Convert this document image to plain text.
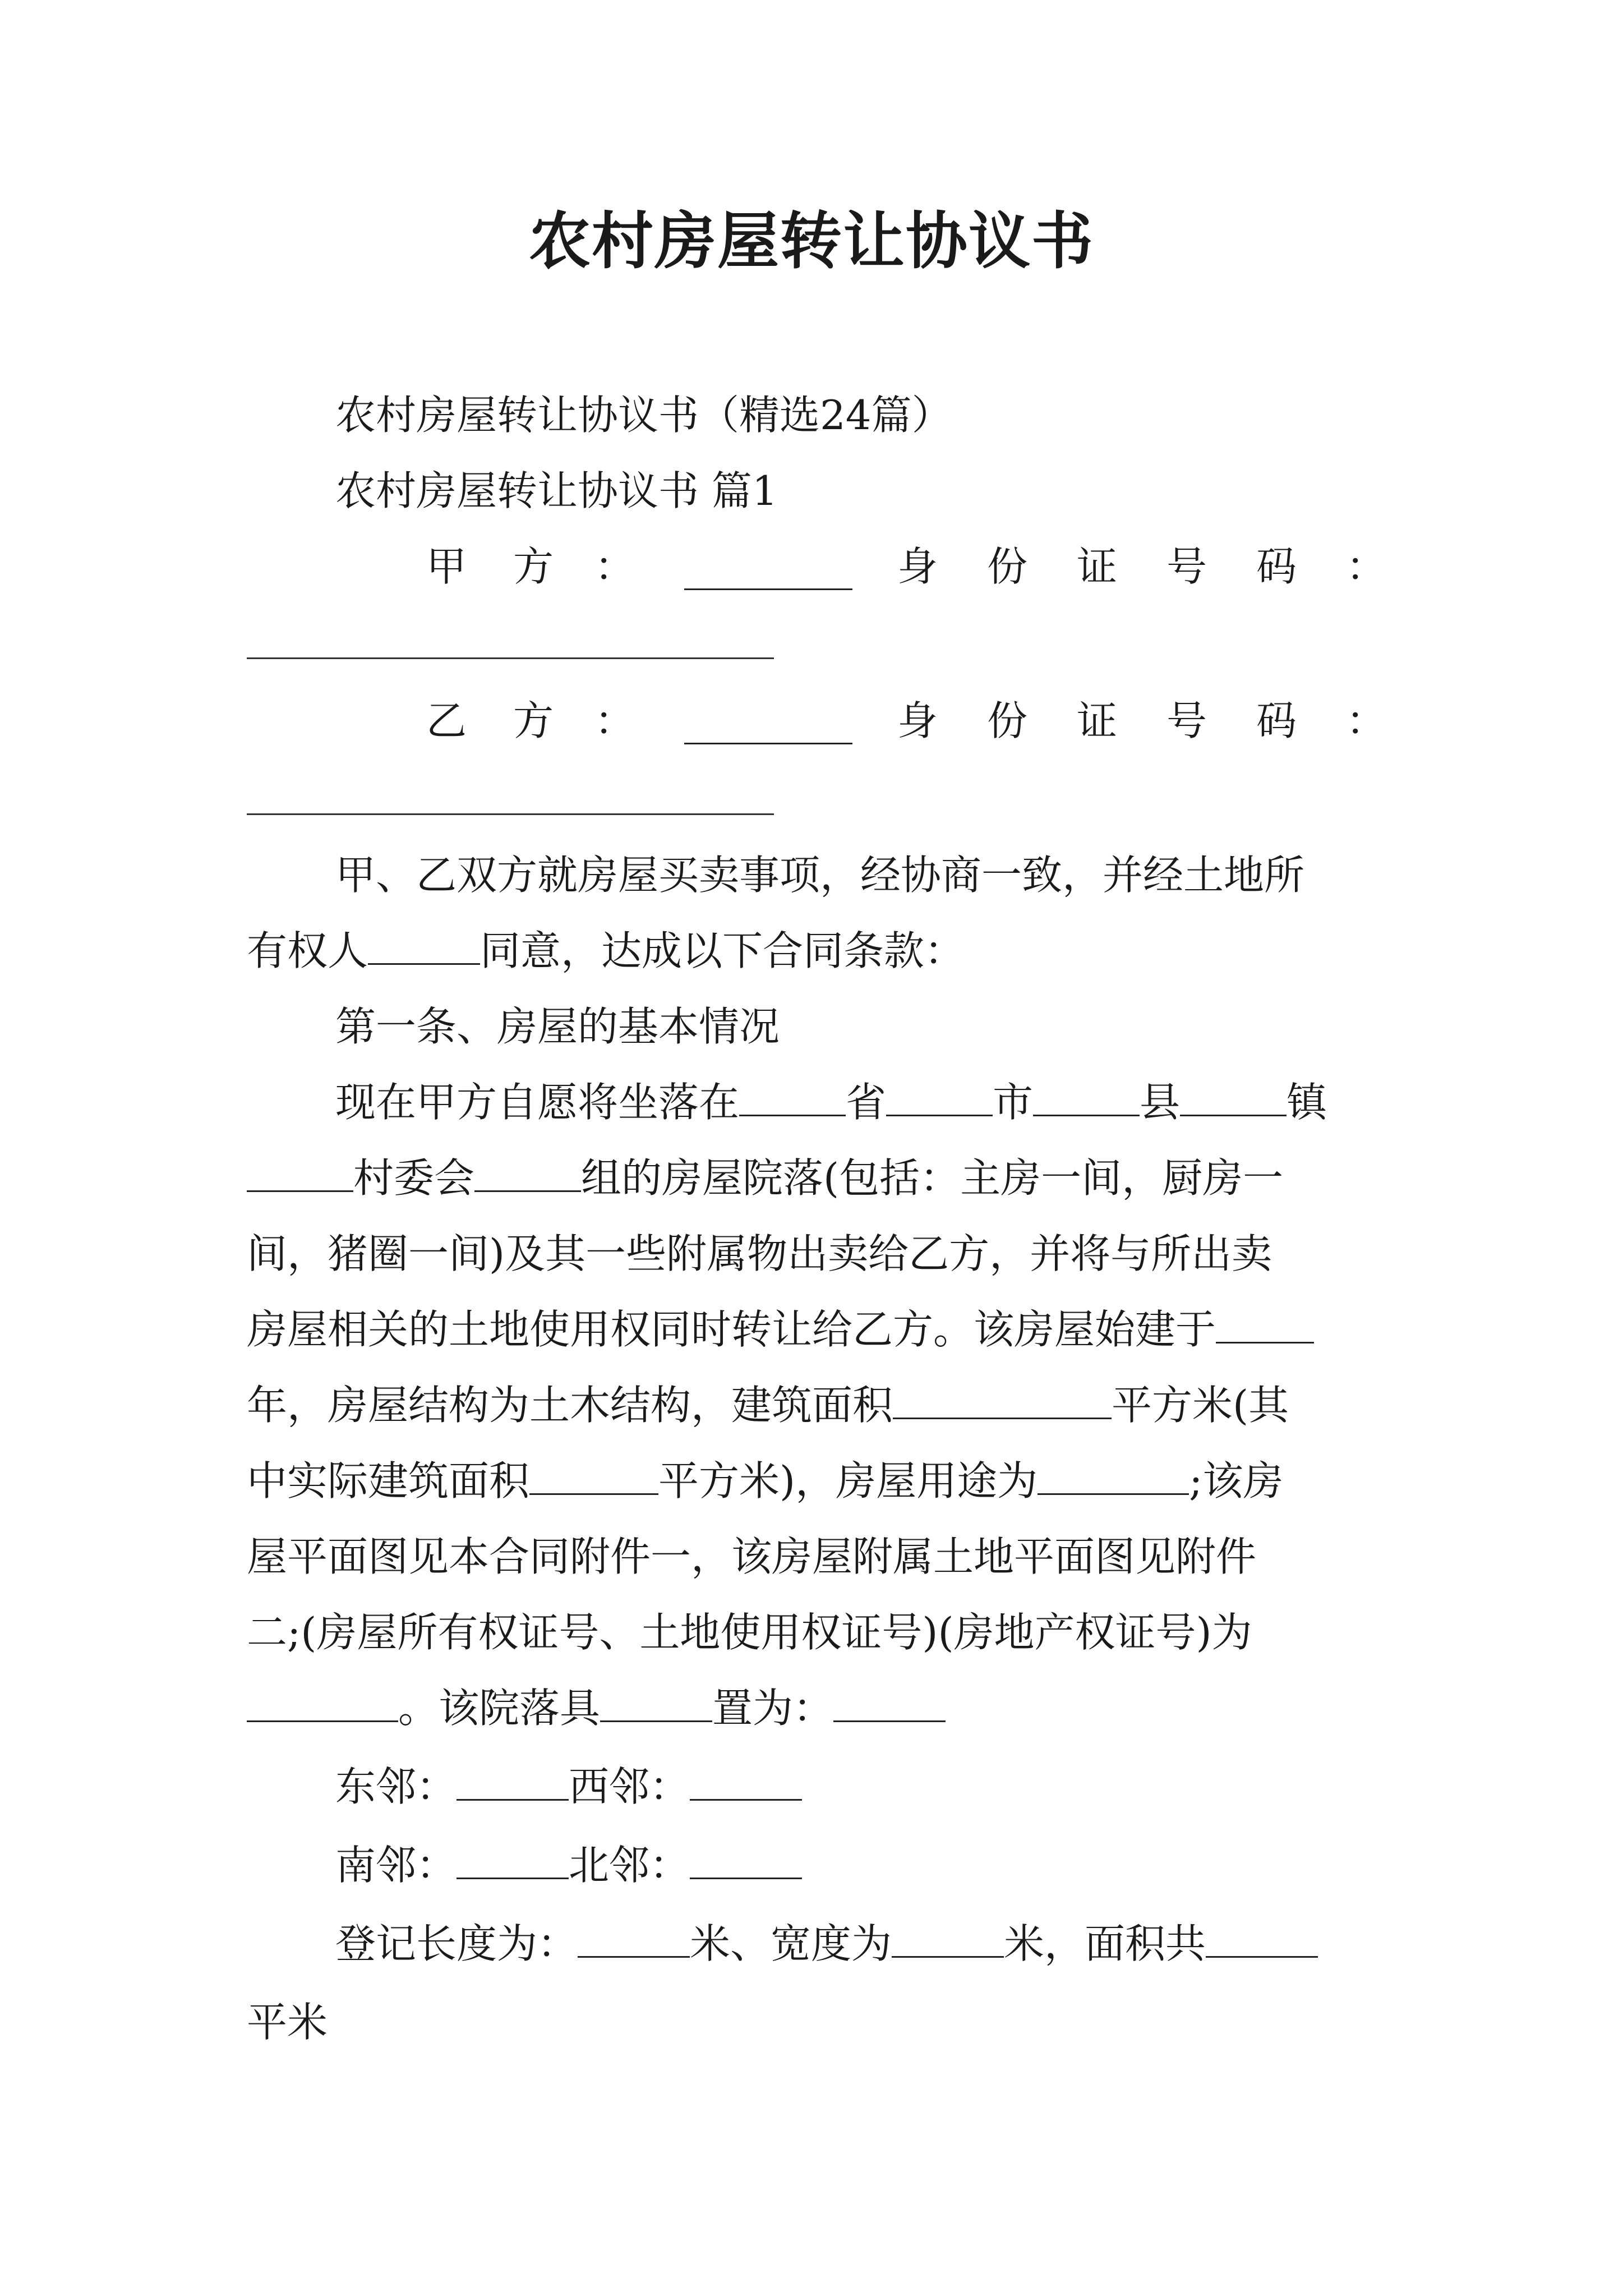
农村房屋转让协议书
农村房屋转让协议书（精选24篇）
农村房屋转让协议书 篇1
甲 方 ：	身 份 证 号 码 ：
乙 方 ：	身 份 证 号 码 ：
甲、乙双方就房屋买卖事项，经协商一致，并经土地所
有权人	同意，达成以下合同条款：
第一条、房屋的基本情况
现在甲方自愿将坐落在	省	市	县	镇
村委会	组的房屋院落(包括：主房一间，厨房一
间，猪圈一间)及其一些附属物出卖给乙方，并将与所出卖
房屋相关的土地使用权同时转让给乙方。该房屋始建于
年，房屋结构为土木结构，建筑面积	平方米(其
中实际建筑面积	平方米)，房屋用途为	;该房
屋平面图见本合同附件一，该房屋附属土地平面图见附件
二;(房屋所有权证号、土地使用权证号)(房地产权证号)为
。该院落具	置为：
东邻：	西邻：
南邻：	北邻：
登记长度为：	米、宽度为	米，面积共
平米
